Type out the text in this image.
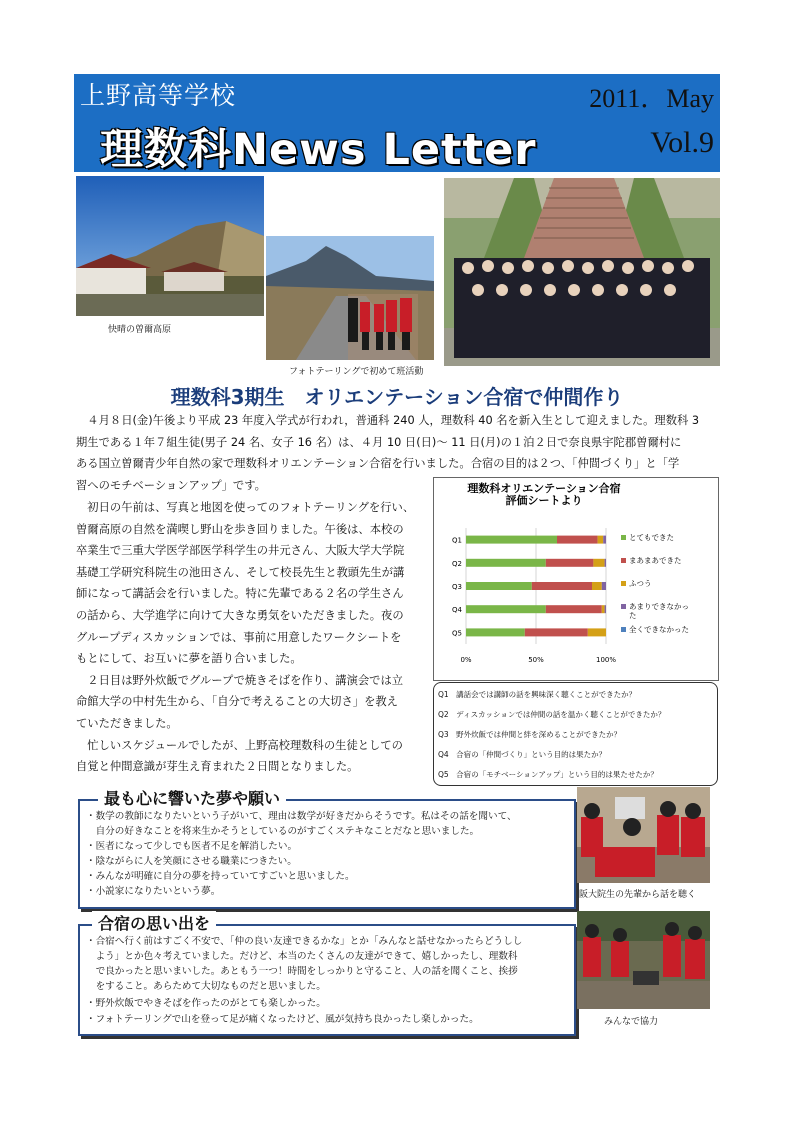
上野高等学校	2011．May
理数科News Letter	Vol.9
快晴の曽爾高原
フォトテーリングで初めて班活動
理数科3期生　オリエンテーション合宿で仲間作り
　４月８日(金)午後より平成 23 年度入学式が行われ，普通科 240 人，理数科 40 名を新入生として迎えました。理数科 3
期生である１年７組生徒(男子 24 名、女子 16 名）は、４月 10 日(日)～ 11 日(月)の１泊２日で奈良県宇陀郡曽爾村に
ある国立曽爾青少年自然の家で理数科オリエンテーション合宿を行いました。合宿の目的は２つ、「仲間づくり」と「学
習へのモチベーションアップ」です。
　初日の午前は、写真と地図を使ってのフォトテーリングを行い、
曽爾高原の自然を満喫し野山を歩き回りました。午後は、本校の
卒業生で三重大学医学部医学科学生の井元さん、大阪大学大学院
基礎工学研究科院生の池田さん、そして校長先生と教頭先生が講
師になって講話会を行いました。特に先輩である２名の学生さん
の話から、大学進学に向けて大きな勇気をいただきました。夜の
グループディスカッションでは、事前に用意したワークシートを
もとにして、お互いに夢を語り合いました。
　２日目は野外炊飯でグループで焼きそばを作り、講演会では立
命館大学の中村先生から、「自分で考えることの大切さ」を教え
ていただきました。
　忙しいスケジュールでしたが、上野高校理数科の生徒としての
自覚と仲間意識が芽生え育まれた２日間となりました。
理数科オリエンテーション合宿
評価シートより
0%	50%	100%
Q1
Q2
Q3
Q4
Q5
とてもできた
まあまあできた
ふつう
あまりできなかっ
た
全くできなかった
Q1　講話会では講師の話を興味深く聴くことができたか？
Q2　ディスカッションでは仲間の話を温かく聴くことができたか？
Q3　野外炊飯では仲間と絆を深めることができたか？
Q4　合宿の「仲間づくり」という目的は果たか？
Q5　合宿の「モチベーションアップ」という目的は果たせたか？
・数学の教師になりたいという子がいて、理由は数学が好きだからそうです。私はその話を聞いて、
　自分の好きなことを将来生かそうとしているのがすごくステキなことだなと思いました。
・医者になって少しでも医者不足を解消したい。
・陰ながらに人を笑顔にさせる職業につきたい。
・みんなが明確に自分の夢を持っていてすごいと思いました。
・小説家になりたいという夢。
最も心に響いた夢や願い
阪大院生の先輩から話を聴く
・合宿へ行く前はすごく不安で、「仲の良い友達できるかな」とか「みんなと話せなかったらどうしし
　よう」とか色々考えていました。だけど、本当のたくさんの友達ができて、嬉しかったし、理数科
　で良かったと思いまいした。あともう一つ！時間をしっかりと守ること、人の話を聞くこと、挨拶
　をすること。あらためて大切なものだと思いました。
・野外炊飯でやきそばを作ったのがとても楽しかった。
・フォトテーリングで山を登って足が痛くなったけど、風が気持ち良かったし楽しかった。
合宿の思い出を
みんなで協力
